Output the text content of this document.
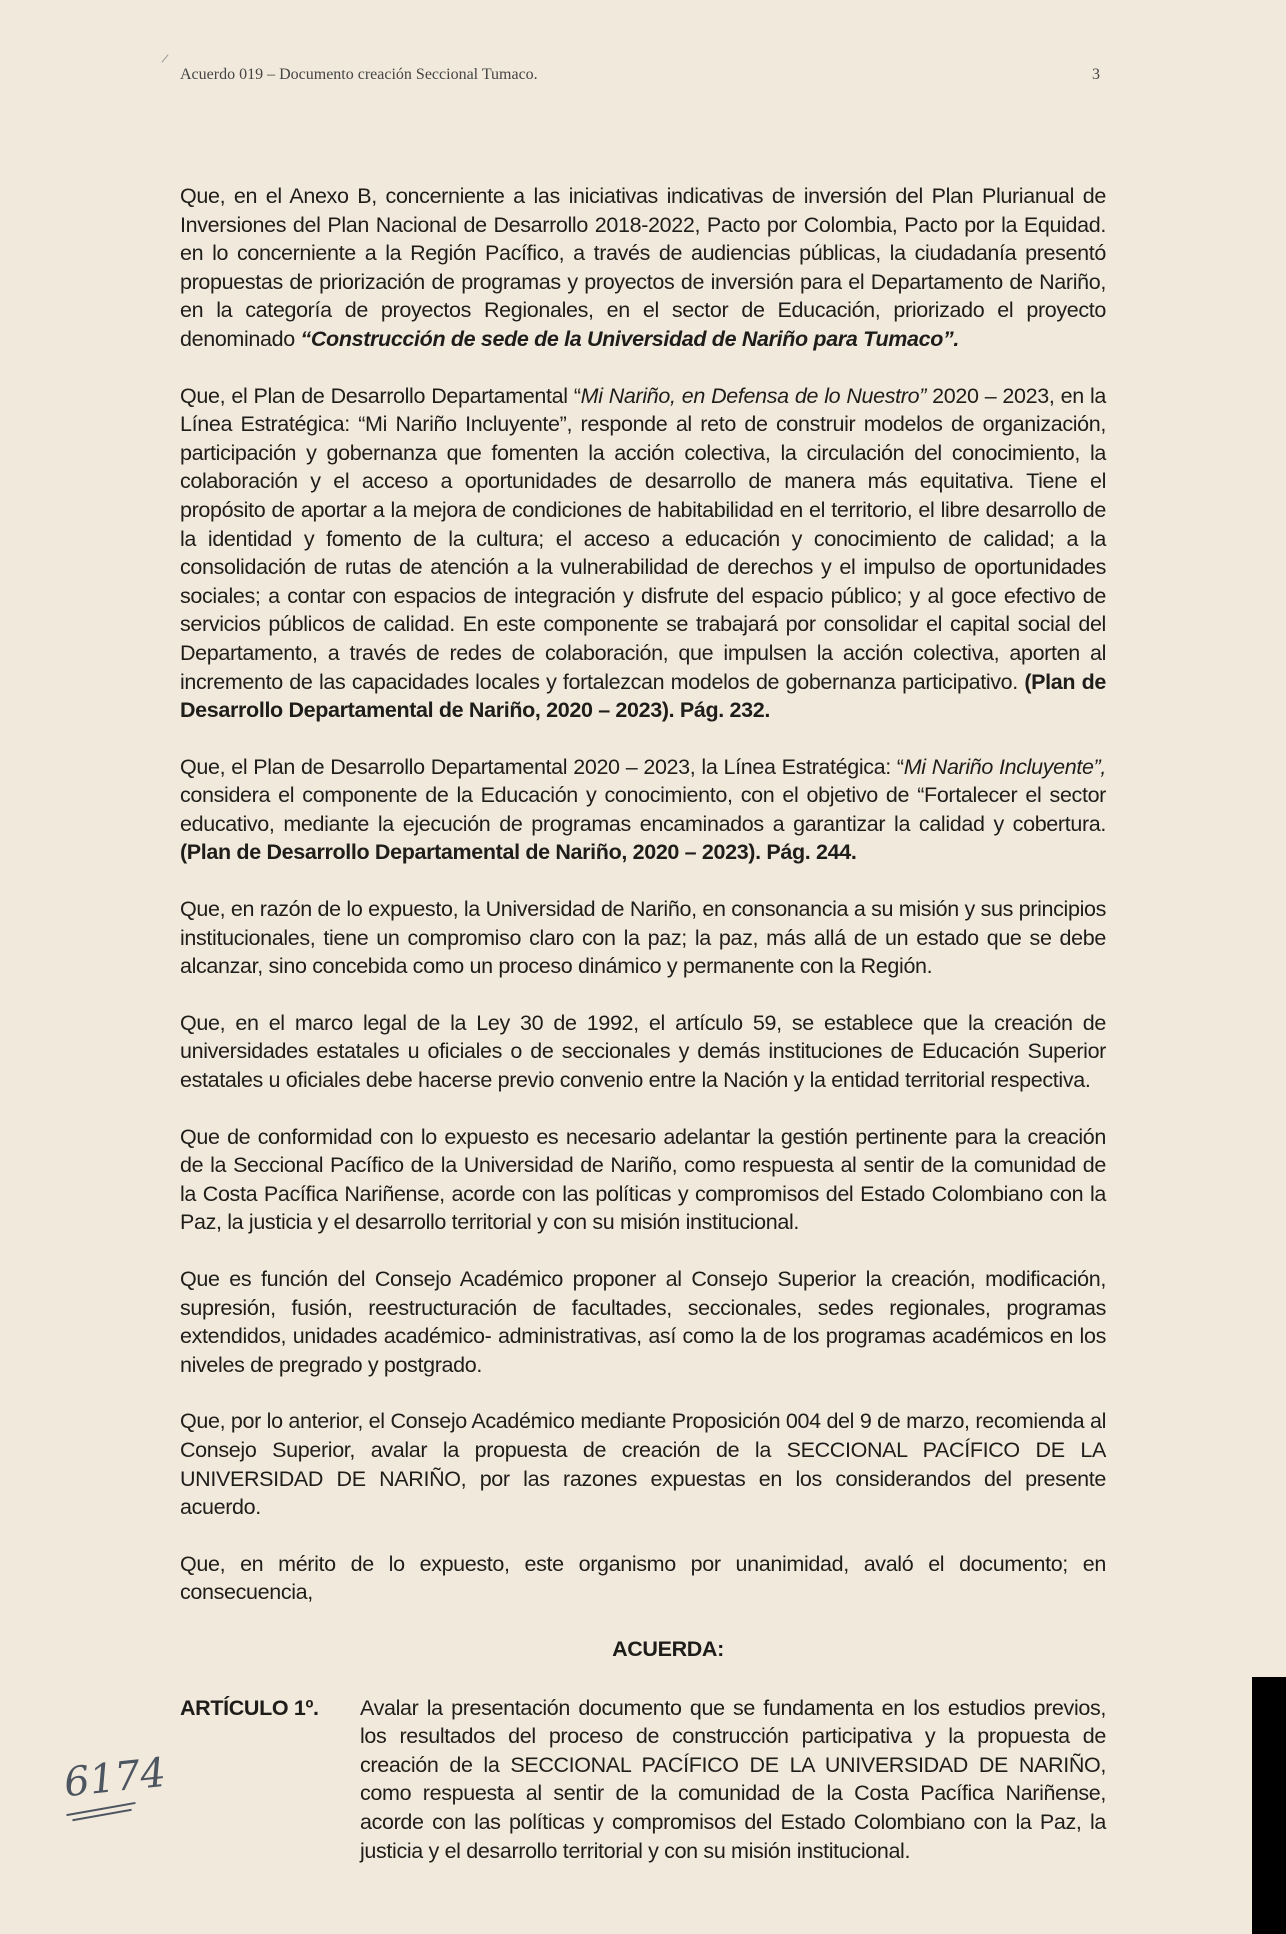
Acuerdo 019 – Documento creación Seccional Tumaco.	3

Que, en el Anexo B, concerniente a las iniciativas indicativas de inversión del Plan Plurianual de Inversiones del Plan Nacional de Desarrollo 2018-2022, Pacto por Colombia, Pacto por la Equidad. en lo concerniente a la Región Pacífico, a través de audiencias públicas, la ciudadanía presentó propuestas de priorización de programas y proyectos de inversión para el Departamento de Nariño, en la categoría de proyectos Regionales, en el sector de Educación, priorizado el proyecto denominado “Construcción de sede de la Universidad de Nariño para Tumaco”.

Que, el Plan de Desarrollo Departamental “Mi Nariño, en Defensa de lo Nuestro” 2020 – 2023, en la Línea Estratégica: “Mi Nariño Incluyente”, responde al reto de construir modelos de organización, participación y gobernanza que fomenten la acción colectiva, la circulación del conocimiento, la colaboración y el acceso a oportunidades de desarrollo de manera más equitativa. Tiene el propósito de aportar a la mejora de condiciones de habitabilidad en el territorio, el libre desarrollo de la identidad y fomento de la cultura; el acceso a educación y conocimiento de calidad; a la consolidación de rutas de atención a la vulnerabilidad de derechos y el impulso de oportunidades sociales; a contar con espacios de integración y disfrute del espacio público; y al goce efectivo de servicios públicos de calidad. En este componente se trabajará por consolidar el capital social del Departamento, a través de redes de colaboración, que impulsen la acción colectiva, aporten al incremento de las capacidades locales y fortalezcan modelos de gobernanza participativo. (Plan de Desarrollo Departamental de Nariño, 2020 – 2023). Pág. 232.

Que, el Plan de Desarrollo Departamental 2020 – 2023, la Línea Estratégica: “Mi Nariño Incluyente”, considera el componente de la Educación y conocimiento, con el objetivo de “Fortalecer el sector educativo, mediante la ejecución de programas encaminados a garantizar la calidad y cobertura. (Plan de Desarrollo Departamental de Nariño, 2020 – 2023). Pág. 244.

Que, en razón de lo expuesto, la Universidad de Nariño, en consonancia a su misión y sus principios institucionales, tiene un compromiso claro con la paz; la paz, más allá de un estado que se debe alcanzar, sino concebida como un proceso dinámico y permanente con la Región.

Que, en el marco legal de la Ley 30 de 1992, el artículo 59, se establece que la creación de universidades estatales u oficiales o de seccionales y demás instituciones de Educación Superior estatales u oficiales debe hacerse previo convenio entre la Nación y la entidad territorial respectiva.

Que de conformidad con lo expuesto es necesario adelantar la gestión pertinente para la creación de la Seccional Pacífico de la Universidad de Nariño, como respuesta al sentir de la comunidad de la Costa Pacífica Nariñense, acorde con las políticas y compromisos del Estado Colombiano con la Paz, la justicia y el desarrollo territorial y con su misión institucional.

Que es función del Consejo Académico proponer al Consejo Superior la creación, modificación, supresión, fusión, reestructuración de facultades, seccionales, sedes regionales, programas extendidos, unidades académico- administrativas, así como la de los programas académicos en los niveles de pregrado y postgrado.

Que, por lo anterior, el Consejo Académico mediante Proposición 004 del 9 de marzo, recomienda al Consejo Superior, avalar la propuesta de creación de la SECCIONAL PACÍFICO DE LA UNIVERSIDAD DE NARIÑO, por las razones expuestas en los considerandos del presente acuerdo.

Que, en mérito de lo expuesto, este organismo por unanimidad, avaló el documento; en consecuencia,

ACUERDA:
ARTÍCULO 1º.	Avalar la presentación documento que se fundamenta en los estudios previos, los resultados del proceso de construcción participativa y la propuesta de creación de la SECCIONAL PACÍFICO DE LA UNIVERSIDAD DE NARIÑO, como respuesta al sentir de la comunidad de la Costa Pacífica Nariñense, acorde con las políticas y compromisos del Estado Colombiano con la Paz, la justicia y el desarrollo territorial y con su misión institucional.
6174
